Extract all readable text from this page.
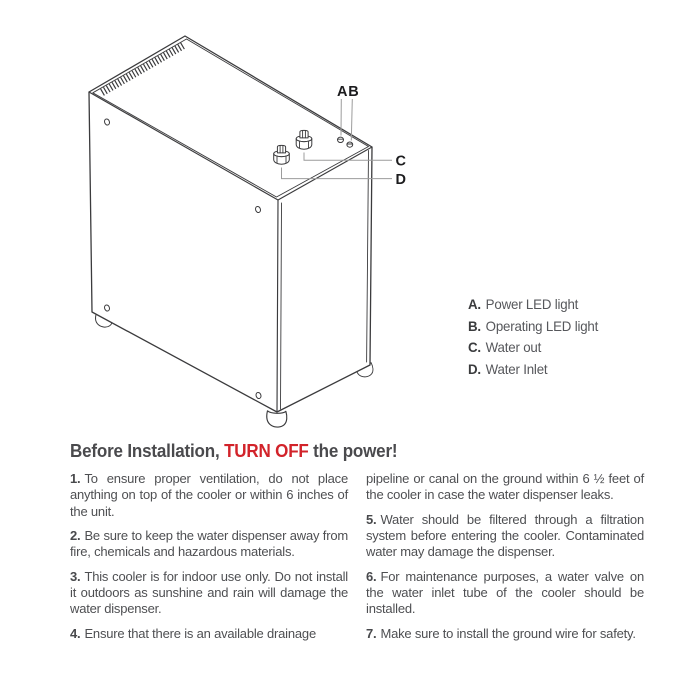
A B
C
D
A. Power LED light
B. Operating LED light
C. Water out
D. Water Inlet
Before Installation, TURN OFF the power!

1. To ensure proper ventilation, do not place anything on top of the cooler or within 6 inches of the unit.

2. Be sure to keep the water dispenser away from fire, chemicals and hazardous materials.

3. This cooler is for indoor use only. Do not install it outdoors as sunshine and rain will damage the water dispenser.

4. Ensure that there is an available drainage

pipeline or canal on the ground within 6 ½ feet of the cooler in case the water dispenser leaks.

5. Water should be filtered through a filtration system before entering the cooler. Contaminated water may damage the dispenser.

6. For maintenance purposes, a water valve on the water inlet tube of the cooler should be installed.

7. Make sure to install the ground wire for safety.
